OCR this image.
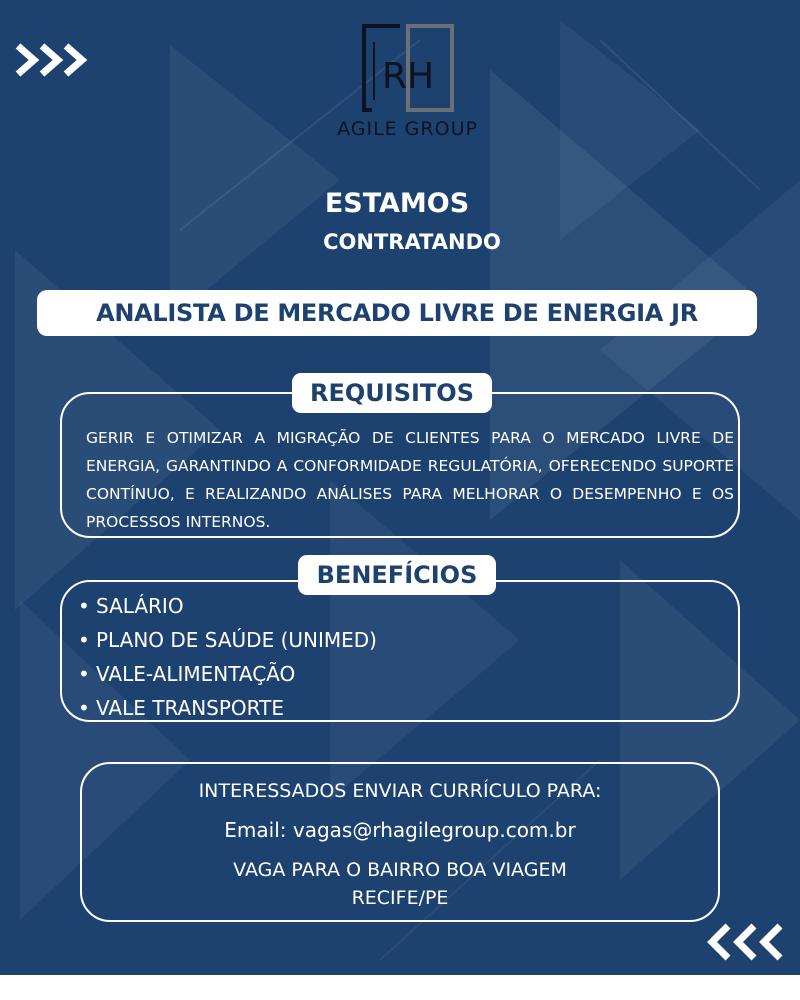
RH
AGILE GROUP
ESTAMOS
CONTRATANDO
ANALISTA DE MERCADO LIVRE DE ENERGIA JR
REQUISITOS
GERIR E OTIMIZAR A MIGRAÇÃO DE CLIENTES PARA O MERCADO LIVRE DE ENERGIA, GARANTINDO A CONFORMIDADE REGULATÓRIA, OFERECENDO SUPORTE CONTÍNUO, E REALIZANDO ANÁLISES PARA MELHORAR O DESEMPENHO E OS PROCESSOS INTERNOS.
BENEFÍCIOS
• SALÁRIO
• PLANO DE SAÚDE (UNIMED)
• VALE-ALIMENTAÇÃO
• VALE TRANSPORTE
INTERESSADOS ENVIAR CURRÍCULO PARA:
Email: vagas@rhagilegroup.com.br
VAGA PARA O BAIRRO BOA VIAGEM
RECIFE/PE
